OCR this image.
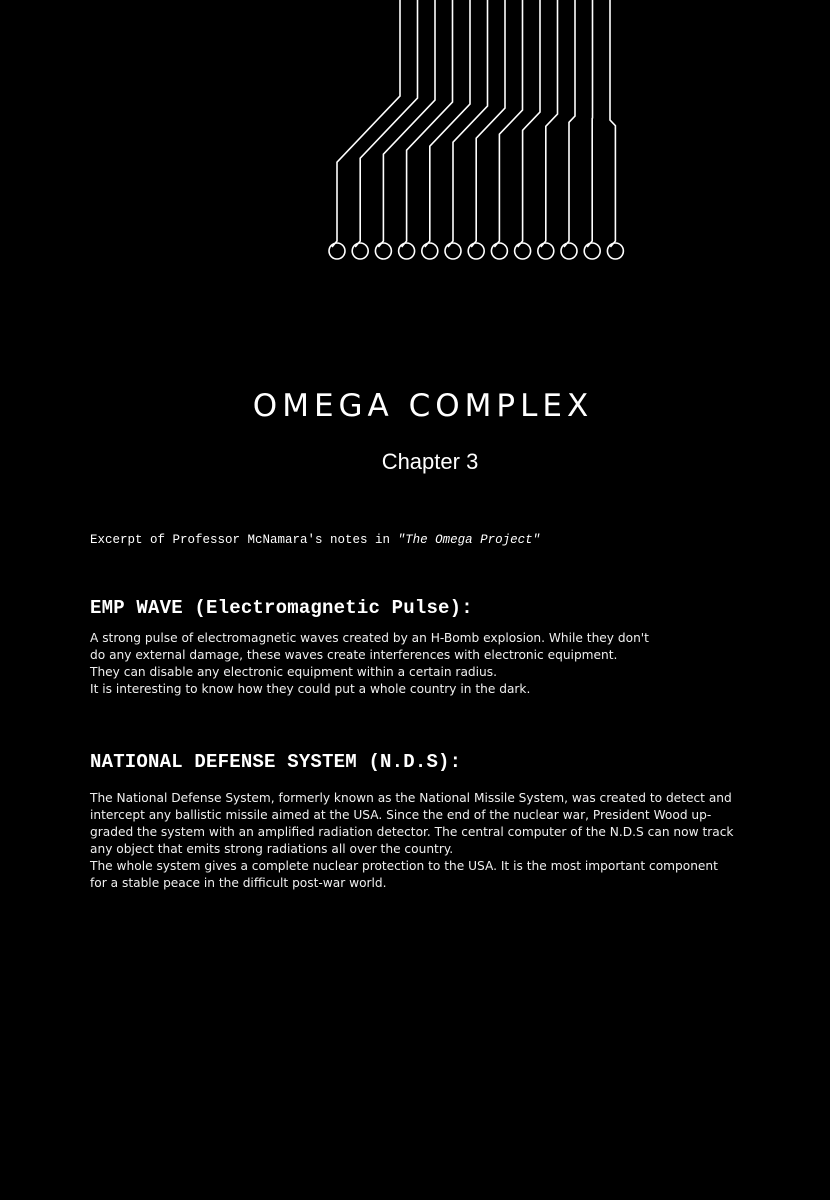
OMEGA COMPLEX
Chapter 3
Excerpt of Professor McNamara's notes in "The Omega Project"
EMP WAVE (Electromagnetic Pulse):

A strong pulse of electromagnetic waves created by an H-Bomb explosion. While they don't

do any external damage, these waves create interferences with electronic equipment.

They can disable any electronic equipment within a certain radius.

It is interesting to know how they could put a whole country in the dark.

NATIONAL DEFENSE SYSTEM (N.D.S):

The National Defense System, formerly known as the National Missile System, was created to detect and

intercept any ballistic missile aimed at the USA. Since the end of the nuclear war, President Wood up-

graded the system with an amplified radiation detector. The central computer of the N.D.S can now track

any object that emits strong radiations all over the country.

The whole system gives a complete nuclear protection to the USA. It is the most important component

for a stable peace in the difficult post-war world.
